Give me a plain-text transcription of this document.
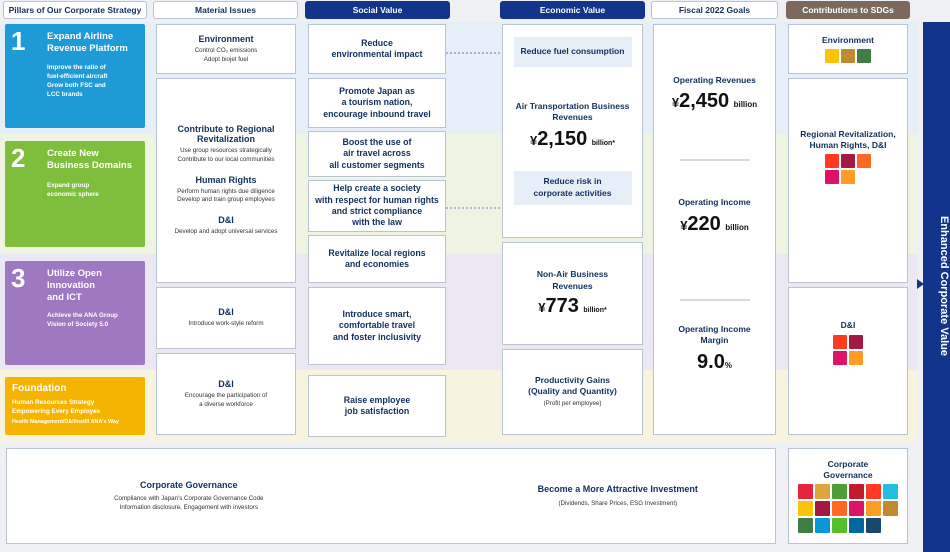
Pillars of Our Corporate Strategy	Material Issues	Social Value	Economic Value	Fiscal 2022 Goals	Contributions to SDGs
1 Expand Airline
Revenue Platform
Improve the ratio of
fuel-efficient aircraft
Grow both FSC and
LCC brands
2 Create New
Business Domains
Expand group
economic sphere
3 Utilize Open
Innovation
and ICT
Achieve the ANA Group
Vision of Society 5.0
Foundation
Human Resources Strategy
Empowering Every Employee
Health Management/D&I/Instill ANA's Way
Environment
Control CO₂ emissions
Adopt biojet fuel
Contribute to Regional
Revitalization
Use group resources strategically
Contribute to our local communities
Human Rights
Perform human rights due diligence
Develop and train group employees
D&I
Develop and adopt universal services
D&I
Introduce work-style reform
D&I
Encourage the participation of
a diverse workforce
Reduce
environmental impact
Promote Japan as
a tourism nation,
encourage inbound travel
Boost the use of
air travel across
all customer segments
Help create a society
with respect for human rights
and strict compliance
with the law
Revitalize local regions
and economies
Introduce smart,
comfortable travel
and foster inclusivity
Raise employee
job satisfaction
Reduce fuel consumption
Air Transportation Business
Revenues
¥2,150 billion*
Reduce risk in
corporate activities
Non-Air Business
Revenues
¥773 billion*
Productivity Gains
(Quality and Quantity)
(Profit per employee)
Operating Revenues
¥2,450 billion
Operating Income
¥220 billion
Operating Income
Margin
9.0%
Environment
Regional Revitalization,
Human Rights, D&I
D&I
Corporate Governance
Compliance with Japan's Corporate Governance Code
Information disclosure, Engagement with investors
Become a More Attractive Investment
(Dividends, Share Prices, ESG Investment)
Corporate
Governance
Enhanced Corporate Value
